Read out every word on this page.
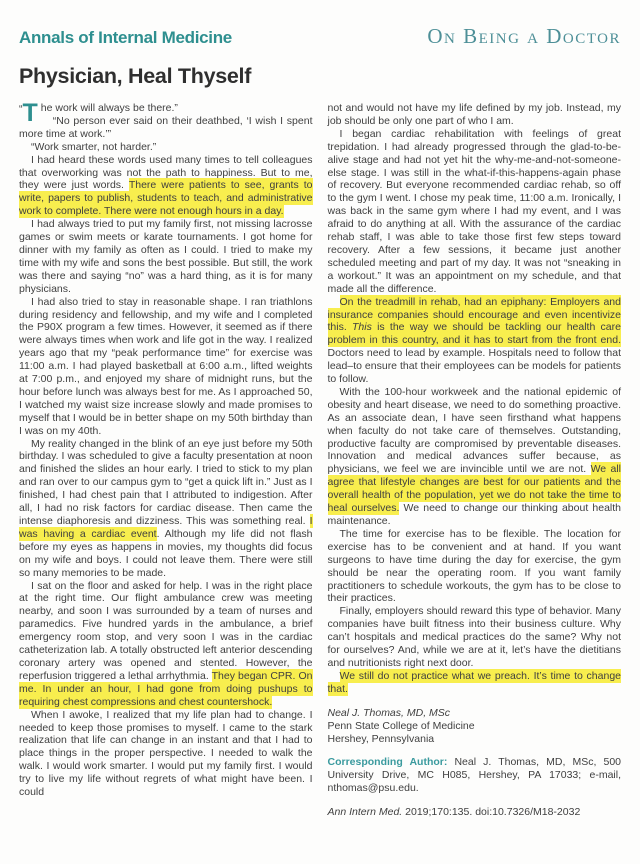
Annals of Internal Medicine	On Being a Doctor
Physician, Heal Thyself

“T he work will always be there.”

“No person ever said on their deathbed, ‘I wish I spent more time at work.’”

“Work smarter, not harder.”

I had heard these words used many times to tell colleagues that overworking was not the path to happiness. But to me, they were just words. There were patients to see, grants to write, papers to publish, students to teach, and administrative work to complete. There were not enough hours in a day.

I had always tried to put my family first, not missing lacrosse games or swim meets or karate tournaments. I got home for dinner with my family as often as I could. I tried to make my time with my wife and sons the best possible. But still, the work was there and saying “no” was a hard thing, as it is for many physicians.

I had also tried to stay in reasonable shape. I ran triathlons during residency and fellowship, and my wife and I completed the P90X program a few times. However, it seemed as if there were always times when work and life got in the way. I realized years ago that my “peak performance time” for exercise was 11:00 a.m. I had played basketball at 6:00 a.m., lifted weights at 7:00 p.m., and enjoyed my share of midnight runs, but the hour before lunch was always best for me. As I approached 50, I watched my waist size increase slowly and made promises to myself that I would be in better shape on my 50th birthday than I was on my 40th.

My reality changed in the blink of an eye just before my 50th birthday. I was scheduled to give a faculty presentation at noon and finished the slides an hour early. I tried to stick to my plan and ran over to our campus gym to “get a quick lift in.” Just as I finished, I had chest pain that I attributed to indigestion. After all, I had no risk factors for cardiac disease. Then came the intense diaphoresis and dizziness. This was something real. I was having a cardiac event. Although my life did not flash before my eyes as happens in movies, my thoughts did focus on my wife and boys. I could not leave them. There were still so many memories to be made.

I sat on the floor and asked for help. I was in the right place at the right time. Our flight ambulance crew was meeting nearby, and soon I was surrounded by a team of nurses and paramedics. Five hundred yards in the ambulance, a brief emergency room stop, and very soon I was in the cardiac catheterization lab. A totally obstructed left anterior descending coronary artery was opened and stented. However, the reperfusion triggered a lethal arrhythmia. They began CPR. On me. In under an hour, I had gone from doing pushups to requiring chest compressions and chest countershock.

When I awoke, I realized that my life plan had to change. I needed to keep those promises to myself. I came to the stark realization that life can change in an instant and that I had to place things in the proper perspective. I needed to walk the walk. I would work smarter. I would put my family first. I would try to live my life without regrets of what might have been. I could

not and would not have my life defined by my job. Instead, my job should be only one part of who I am.

I began cardiac rehabilitation with feelings of great trepidation. I had already progressed through the glad-to-be-alive stage and had not yet hit the why-me-and-not-someone-else stage. I was still in the what-if-this-happens-again phase of recovery. But everyone recommended cardiac rehab, so off to the gym I went. I chose my peak time, 11:00 a.m. Ironically, I was back in the same gym where I had my event, and I was afraid to do anything at all. With the assurance of the cardiac rehab staff, I was able to take those first few steps toward recovery. After a few sessions, it became just another scheduled meeting and part of my day. It was not “sneaking in a workout.” It was an appointment on my schedule, and that made all the difference.

On the treadmill in rehab, had an epiphany: Employers and insurance companies should encourage and even incentivize this. This is the way we should be tackling our health care problem in this country, and it has to start from the front end. Doctors need to lead by example. Hospitals need to follow that lead–to ensure that their employees can be models for patients to follow.

With the 100-hour workweek and the national epidemic of obesity and heart disease, we need to do something proactive. As an associate dean, I have seen firsthand what happens when faculty do not take care of themselves. Outstanding, productive faculty are compromised by preventable diseases. Innovation and medical advances suffer because, as physicians, we feel we are invincible until we are not. We all agree that lifestyle changes are best for our patients and the overall health of the population, yet we do not take the time to heal ourselves. We need to change our thinking about health maintenance.

The time for exercise has to be flexible. The location for exercise has to be convenient and at hand. If you want surgeons to have time during the day for exercise, the gym should be near the operating room. If you want family practitioners to schedule workouts, the gym has to be close to their practices.

Finally, employers should reward this type of behavior. Many companies have built fitness into their business culture. Why can’t hospitals and medical practices do the same? Why not for ourselves? And, while we are at it, let’s have the dietitians and nutritionists right next door.

We still do not practice what we preach. It’s time to change that.

Neal J. Thomas, MD, MSc

Penn State College of Medicine

Hershey, Pennsylvania

Corresponding Author: Neal J. Thomas, MD, MSc, 500 University Drive, MC H085, Hershey, PA 17033; e-mail, nthomas@psu.edu.

Ann Intern Med. 2019;170:135. doi:10.7326/M18-2032
